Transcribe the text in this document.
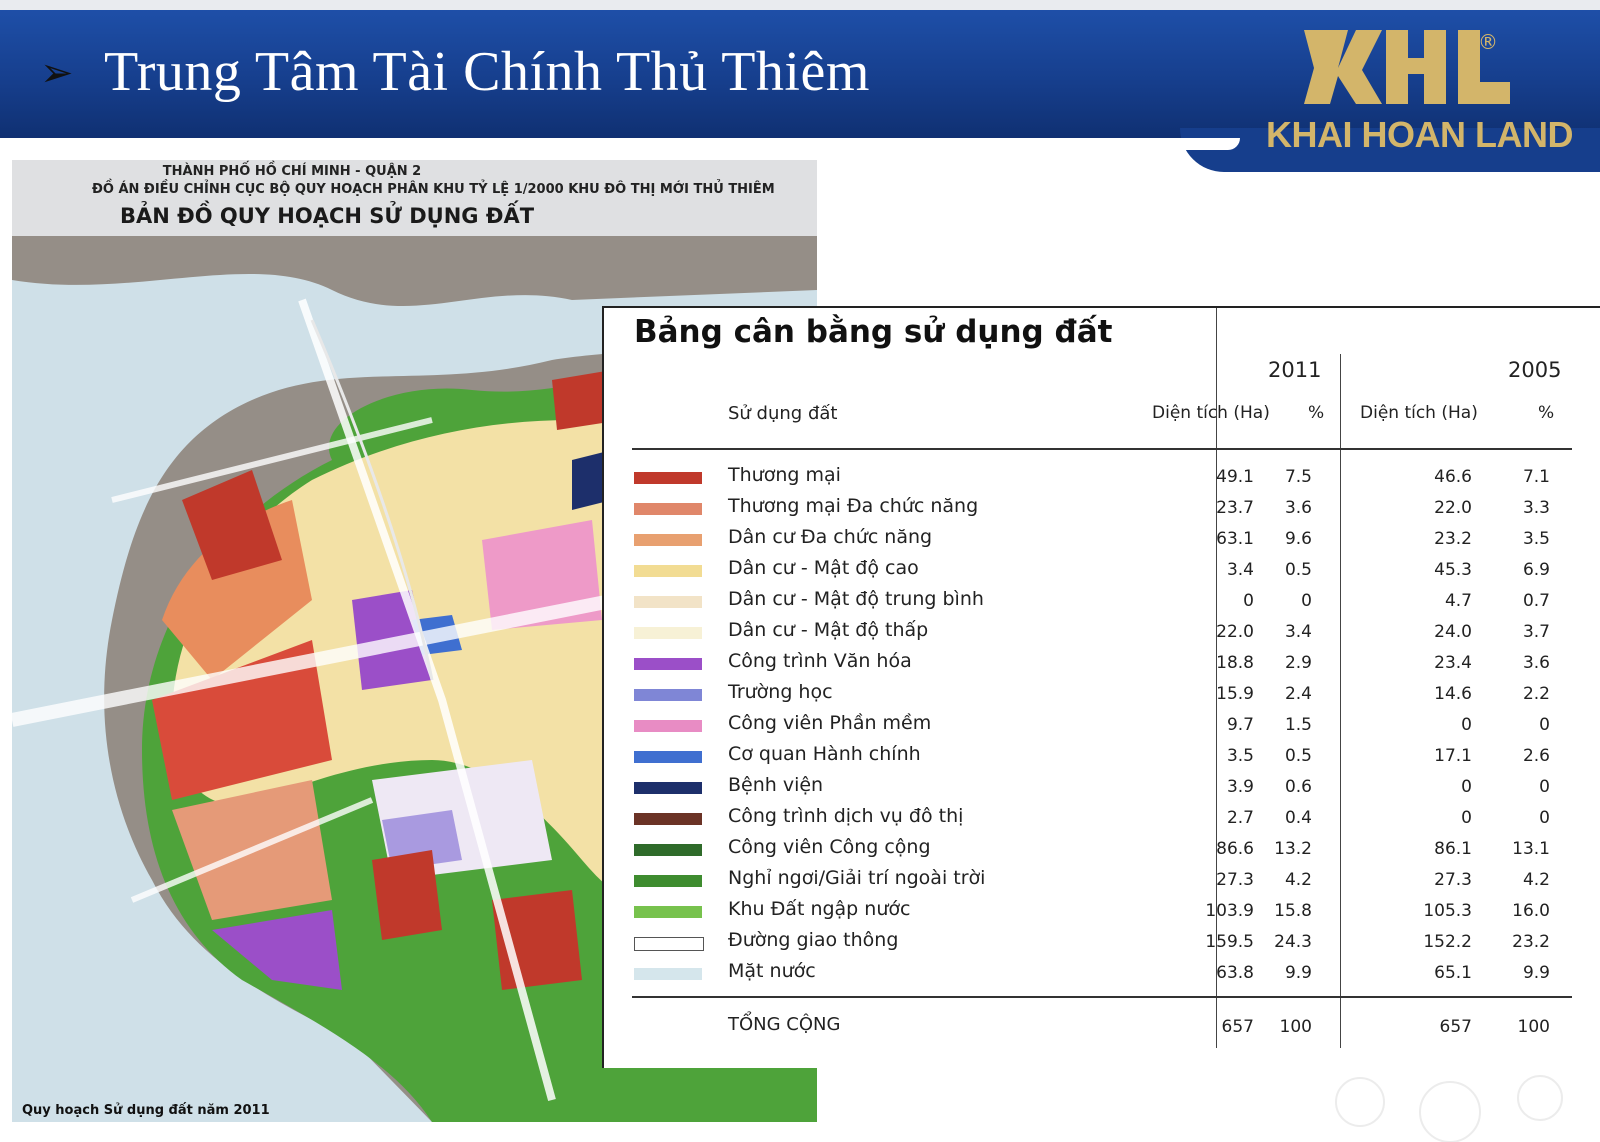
➢ Trung Tâm Tài Chính Thủ Thiêm	®
KHAI HOAN LAND
THÀNH PHỐ HỒ CHÍ MINH - QUẬN 2
ĐỒ ÁN ĐIỀU CHỈNH CỤC BỘ QUY HOẠCH PHÂN KHU TỶ LỆ 1/2000 KHU ĐÔ THỊ MỚI THỦ THIÊM
BẢN ĐỒ QUY HOẠCH SỬ DỤNG ĐẤT
Quy hoạch Sử dụng đất năm 2011
Bảng cân bằng sử dụng đất
2011	2005
Sử dụng đất	Diện tích (Ha) % Diện tích (Ha)	%
Thương mại	49.1 7.5	46.6	7.1
Thương mại Đa chức năng	23.7 3.6	22.0	3.3
Dân cư Đa chức năng	63.1 9.6	23.2	3.5
Dân cư - Mật độ cao	3.4 0.5	45.3	6.9
Dân cư - Mật độ trung bình	0	0	4.7	0.7
Dân cư - Mật độ thấp	22.0 3.4	24.0	3.7
Công trình Văn hóa	18.8 2.9	23.4	3.6
Trường học	15.9 2.4	14.6	2.2
Công viên Phần mềm	9.7 1.5	0	0
Cơ quan Hành chính	3.5 0.5	17.1	2.6
Bệnh viện	3.9 0.6	0	0
Công trình dịch vụ đô thị	2.7 0.4	0	0
Công viên Công cộng	86.6 13.2	86.1 13.1
Nghỉ ngơi/Giải trí ngoài trời	27.3 4.2	27.3	4.2
Khu Đất ngập nước	103.9 15.8	105.3 16.0
Đường giao thông	159.5 24.3	152.2 23.2
Mặt nước	63.8 9.9	65.1	9.9
TỔNG CỘNG	657 100	657	100
